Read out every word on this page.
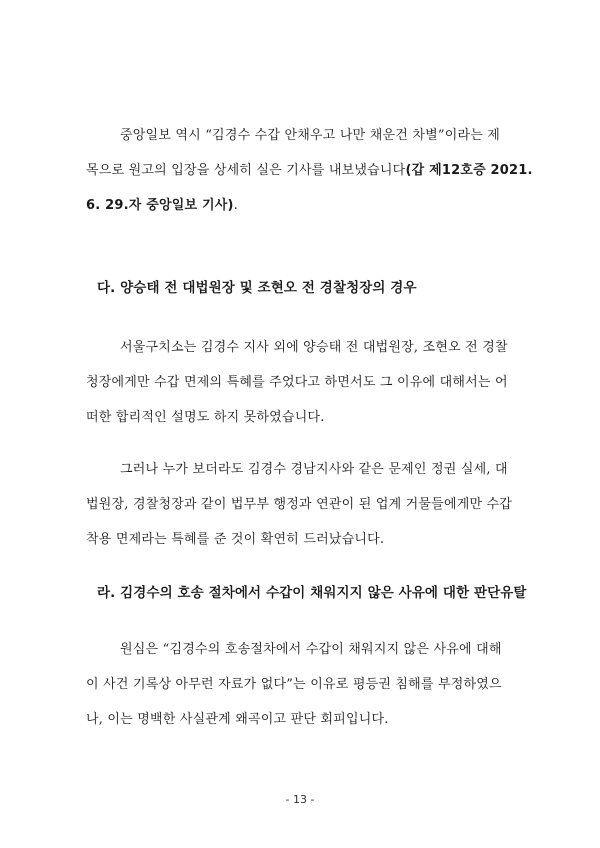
중앙일보 역시 “김경수 수갑 안채우고 나만 채운건 차별”이라는 제
목으로 원고의 입장을 상세히 실은 기사를 내보냈습니다(갑 제12호증 2021.
6. 29.자 중앙일보 기사).
다. 양승태 전 대법원장 및 조현오 전 경찰청장의 경우
서울구치소는 김경수 지사 외에 양승태 전 대법원장, 조현오 전 경찰
청장에게만 수갑 면제의 특혜를 주었다고 하면서도 그 이유에 대해서는 어
떠한 합리적인 설명도 하지 못하였습니다.
그러나 누가 보더라도 김경수 경남지사와 같은 문제인 정권 실세, 대
법원장, 경찰청장과 같이 법무부 행정과 연관이 된 업계 거물들에게만 수갑
착용 면제라는 특혜를 준 것이 확연히 드러났습니다.
라. 김경수의 호송 절차에서 수갑이 채워지지 않은 사유에 대한 판단유탈
원심은 “김경수의 호송절차에서 수갑이 채워지지 않은 사유에 대해
이 사건 기록상 아무런 자료가 없다”는 이유로 평등권 침해를 부정하였으
나, 이는 명백한 사실관계 왜곡이고 판단 회피입니다.
- 13 -
